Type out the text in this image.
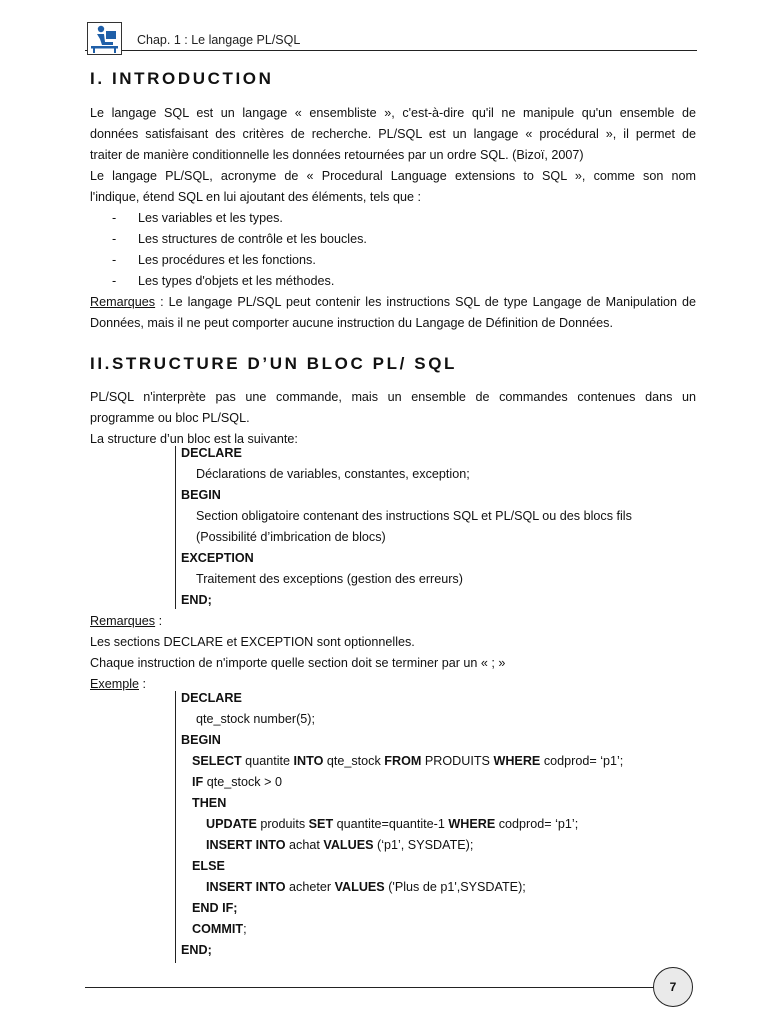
Chap. 1 : Le langage PL/SQL
I. INTRODUCTION

Le langage SQL est un langage « ensembliste », c'est-à-dire qu'il ne manipule qu'un ensemble de

données satisfaisant des critères de recherche. PL/SQL est un langage « procédural », il permet de

traiter de manière conditionnelle les données retournées par un ordre SQL. (Bizoï, 2007)

Le langage PL/SQL, acronyme de « Procedural Language extensions to SQL », comme son nom

l'indique, étend SQL en lui ajoutant des éléments, tels que :

- Les variables et les types.
- Les structures de contrôle et les boucles.
- Les procédures et les fonctions.
- Les types d'objets et les méthodes.

Remarques : Le langage PL/SQL peut contenir les instructions SQL de type Langage de Manipulation de

Données, mais il ne peut comporter aucune instruction du Langage de Définition de Données.

II.STRUCTURE D’UN BLOC PL/ SQL

PL/SQL n'interprète pas une commande, mais un ensemble de commandes contenues dans un

programme ou bloc PL/SQL.

La structure d’un bloc est la suivante:

DECLARE
Déclarations de variables, constantes, exception;
BEGIN
Section obligatoire contenant des instructions SQL et PL/SQL ou des blocs fils
(Possibilité d’imbrication de blocs)
EXCEPTION
Traitement des exceptions (gestion des erreurs)
END;

Remarques :

Les sections DECLARE et EXCEPTION sont optionnelles.

Chaque instruction de n'importe quelle section doit se terminer par un « ; »

Exemple :

DECLARE
qte_stock number(5);
BEGIN
SELECT quantite INTO qte_stock FROM PRODUITS WHERE codprod= ‘p1’;
IF qte_stock > 0
THEN
UPDATE produits SET quantite=quantite-1 WHERE codprod= ‘p1’;
INSERT INTO achat VALUES (‘p1’, SYSDATE);
ELSE
INSERT INTO acheter VALUES ('Plus de p1',SYSDATE);
END IF;
COMMIT;
END;
7
